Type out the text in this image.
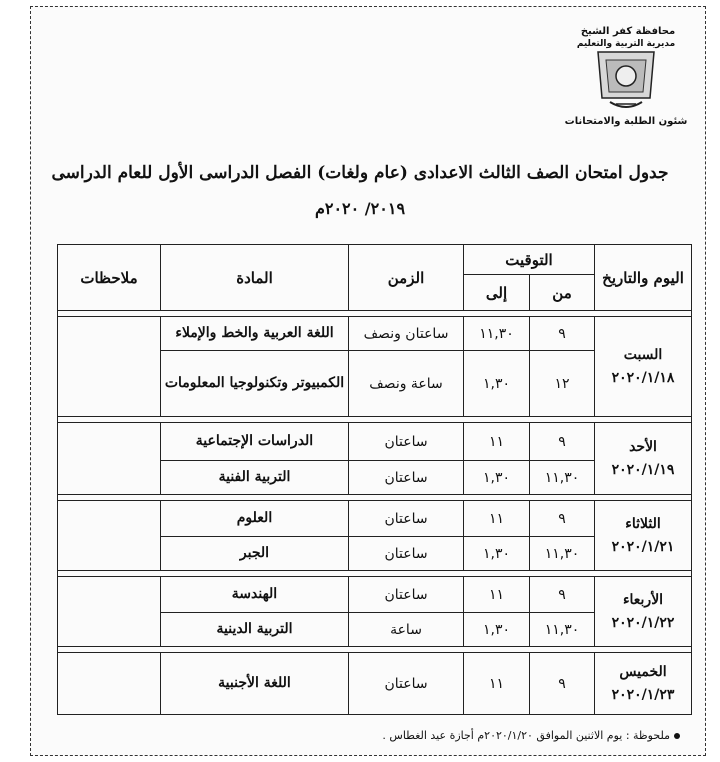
محافظة كفر الشيخ
مديرية التربية والتعليم
شئون الطلبة والامتحانات
جدول امتحان الصف الثالث الاعدادى (عام ولغات) الفصل الدراسى الأول للعام الدراسى
٢٠١٩/ ٢٠٢٠م
اليوم والتاريخ	التوقيت		الزمن	المادة	ملاحظات
	من	إلى			

السبت
٢٠٢٠/١/١٨	٩	١١,٣٠	ساعتان ونصف	اللغة العربية والخط والإملاء	
	١٢	١,٣٠	ساعة ونصف	الكمبيوتر وتكنولوجيا المعلومات	

الأحد
٢٠٢٠/١/١٩	٩	١١	ساعتان	الدراسات الإجتماعية	
	١١,٣٠	١,٣٠	ساعتان	التربية الفنية	

الثلاثاء
٢٠٢٠/١/٢١	٩	١١	ساعتان	العلوم	
	١١,٣٠	١,٣٠	ساعتان	الجبر	

الأربعاء
٢٠٢٠/١/٢٢	٩	١١	ساعتان	الهندسة	
	١١,٣٠	١,٣٠	ساعة	التربية الدينية	

الخميس
٢٠٢٠/١/٢٣	٩	١١	ساعتان	اللغة الأجنبية	
ملحوظة : يوم الاثنين الموافق ٢٠٢٠/١/٢٠م أجازة عيد الغطاس .
